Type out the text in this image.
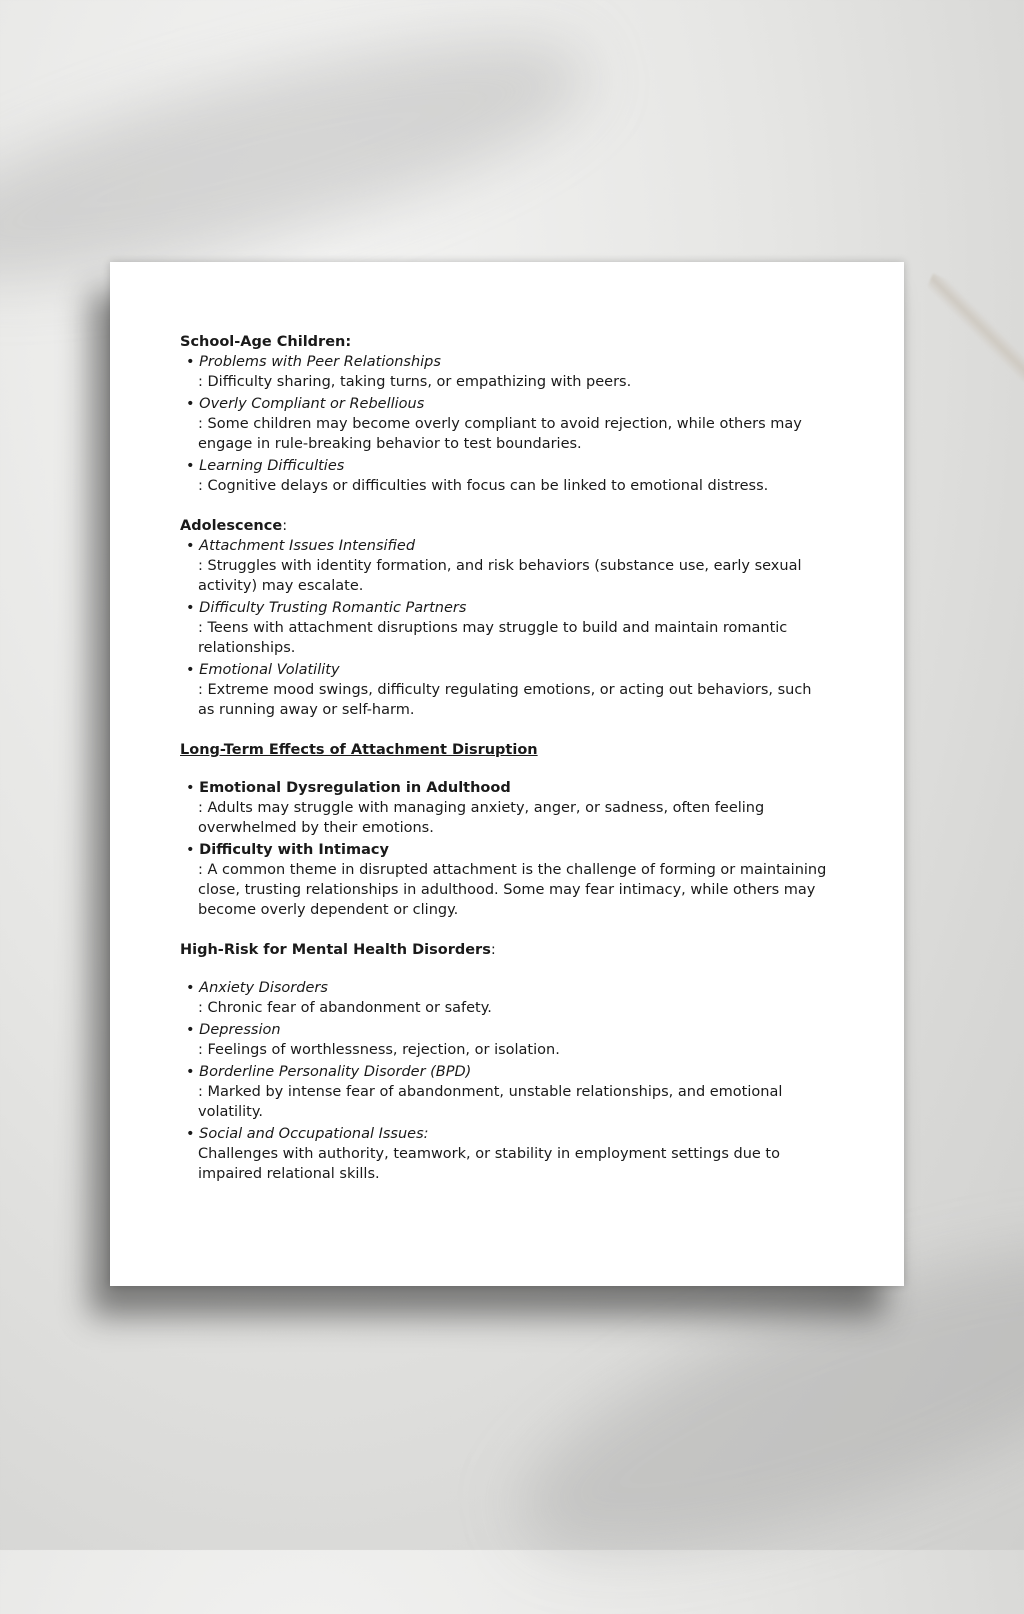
School-Age Children:
• Problems with Peer Relationships
: Difficulty sharing, taking turns, or empathizing with peers.
• Overly Compliant or Rebellious
: Some children may become overly compliant to avoid rejection, while others may engage in rule-breaking behavior to test boundaries.
• Learning Difficulties
: Cognitive delays or difficulties with focus can be linked to emotional distress.
Adolescence:
• Attachment Issues Intensified
: Struggles with identity formation, and risk behaviors (substance use, early sexual activity) may escalate.
• Difficulty Trusting Romantic Partners
: Teens with attachment disruptions may struggle to build and maintain romantic relationships.
• Emotional Volatility
: Extreme mood swings, difficulty regulating emotions, or acting out behaviors, such as running away or self-harm.
Long-Term Effects of Attachment Disruption
• Emotional Dysregulation in Adulthood
: Adults may struggle with managing anxiety, anger, or sadness, often feeling overwhelmed by their emotions.
• Difficulty with Intimacy
: A common theme in disrupted attachment is the challenge of forming or maintaining close, trusting relationships in adulthood. Some may fear intimacy, while others may become overly dependent or clingy.
High-Risk for Mental Health Disorders:
• Anxiety Disorders
: Chronic fear of abandonment or safety.
• Depression
: Feelings of worthlessness, rejection, or isolation.
• Borderline Personality Disorder (BPD)
: Marked by intense fear of abandonment, unstable relationships, and emotional volatility.
• Social and Occupational Issues:
Challenges with authority, teamwork, or stability in employment settings due to impaired relational skills.
